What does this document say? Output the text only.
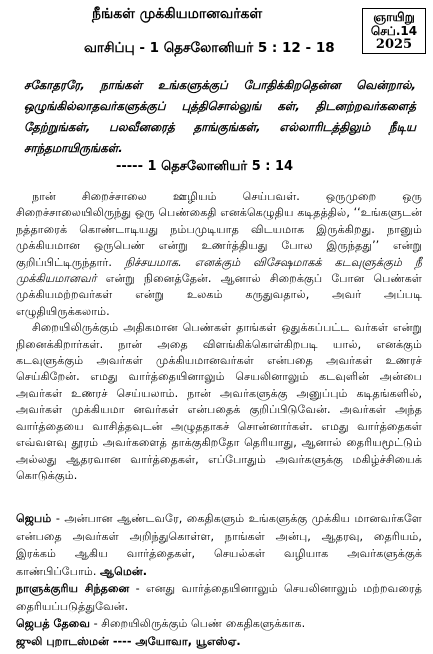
நீங்கள் முக்கியமானவர்கள்
வாசிப்பு - 1 தெசலோனியர் 5 : 12 - 18
ஞாயிறு
செப்.14
2025
சகோதரரே, நாங்கள் உங்களுக்குப் போதிக்கிறதென்ன வென்றால், ஒழுங்கில்லாதவர்களுக்குப் புத்திசொல்லுங் கள், திடனற்றவர்களைத் தேற்றுங்கள், பலவீனரைத் தாங்குங்கள், எல்லாரிடத்திலும் நீடிய சாந்தமாயிருங்கள்.
----- 1 தெசலோனியர் 5 : 14

நான் சிறைச்சாலை ஊழியம் செய்பவள். ஒருமுறை ஒரு சிறைச்சாலையிலிருந்து ஒரு பெண்கைதி எனக்கெழுதிய கடிதத்தில், ‘‘உங்களுடன் நத்தாரைக் கொண்டாடியது நம்பமுடியாத விடயமாக இருக்கிறது. நானும் முக்கியமான ஒருபெண் என்று உணர்த்தியது போல இருந்தது’’ என்று குறிப்பிட்டிருந்தார். நிச்சயமாக. எனக்கும் விசேஷமாகக் கடவுளுக்கும் நீ முக்கியமானவர் என்று நினைத்தேன். ஆனால் சிறைக்குப் போன பெண்கள் முக்கியமற்றவர்கள் என்று உலகம் கருதுவதால், அவர் அப்படி எழுதியிருக்கலாம்.

சிறையிலிருக்கும் அதிகமான பெண்கள் தாங்கள் ஒதுக்கப்பட்ட வர்கள் என்று நினைக்கிறார்கள். நான் அதை விளங்கிக்கொள்கிறபடி யால், எனக்கும் கடவுளுக்கும் அவர்கள் முக்கியமானவர்கள் என்பதை அவர்கள் உணரச் செய்கிறேன். எமது வார்த்தையினாலும் செயலினாலும் கடவுளின் அன்பை அவர்கள் உணரச் செய்யலாம். நான் அவர்களுக்கு அனுப்பும் கடிதங்களில், அவர்கள் முக்கியமா னவர்கள் என்பதைக் குறிப்பிடுவேன். அவர்கள் அந்த வார்த்தையை வாசித்தவுடன் அழுததாகச் சொன்னார்கள். எமது வார்த்தைகள் எவ்வளவு தூரம் அவர்களைத் தாக்குகிறதோ தெரியாது, ஆனால் தைரியமூட்டும் அல்லது ஆதரவான வார்த்தைகள், எப்போதும் அவர்களுக்கு மகிழ்ச்சியைக் கொடுக்கும்.

ஜெபம் - அன்பான ஆண்டவரே, கைதிகளும் உங்களுக்கு முக்கிய மானவர்களே என்பதை அவர்கள் அறிந்துகொள்ள, நாங்கள் அன்பு, ஆதரவு, தைரியம், இரக்கம் ஆகிய வார்த்தைகள், செயல்கள் வழியாக அவர்களுக்குக் காண்பிப்போம். ஆமென்.

நாளுக்குரிய சிந்தனை - எனது வார்த்தையினாலும் செயலினாலும் மற்றவரைத் தைரியப்படுத்துவேன்.

ஜெபத் தேவை - சிறையிலிருக்கும் பெண் கைதிகளுக்காக.

ஜுலி புறாடஸ்மன் ---- அயோவா, யூஎஸ்ஏ.
